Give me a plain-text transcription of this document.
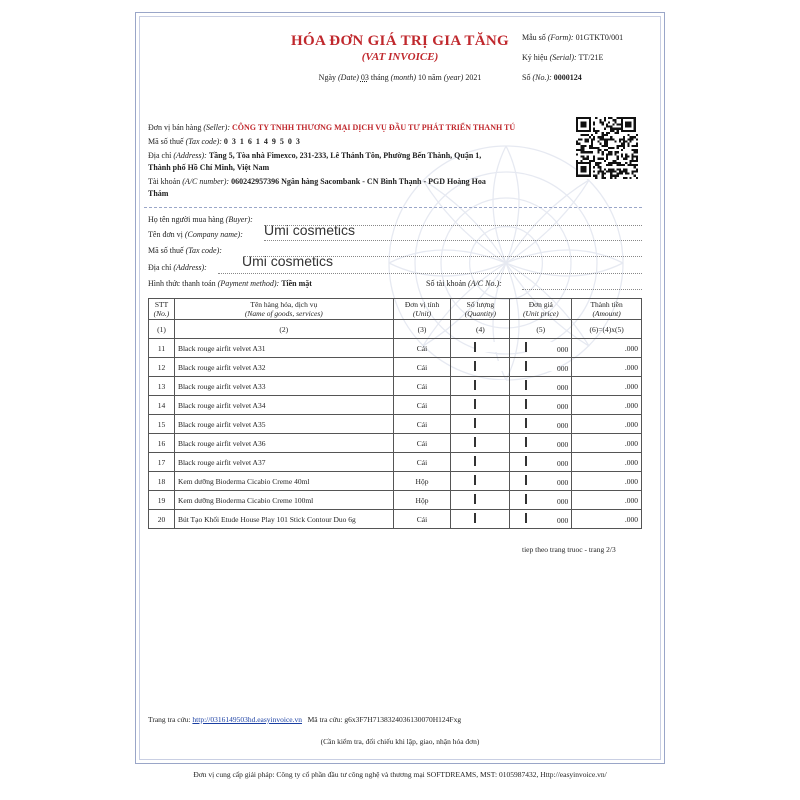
HÓA ĐƠN GIÁ TRỊ GIA TĂNG
(VAT INVOICE)
Ngày (Date) 03 tháng (month) 10 năm (year) 2021
Mẫu số (Form): 01GTKT0/001
Ký hiệu (Serial): TT/21E
Số (No.): 0000124
Đơn vị bán hàng (Seller): CÔNG TY TNHH THƯƠNG MẠI DỊCH VỤ ĐẦU TƯ PHÁT TRIỂN THANH TÚ
Mã số thuế (Tax code): 0 3 1 6 1 4 9 5 0 3
Địa chỉ (Address): Tầng 5, Tòa nhà Fimexco, 231-233, Lê Thánh Tôn, Phường Bến Thành, Quận 1,
Thành phố Hồ Chí Minh, Việt Nam
Tài khoản (A/C number): 060242957396 Ngân hàng Sacombank - CN Bình Thạnh - PGD Hoàng Hoa
Thám
Họ tên người mua hàng (Buyer):
Tên đơn vị (Company name): Umi cosmetics
Mã số thuế (Tax code):
Địa chỉ (Address):	Umi cosmetics
Hình thức thanh toán (Payment method): Tiền mặt	Số tài khoản (A/C No.):
STT
(No.)	Tên hàng hóa, dịch vụ
(Name of goods, services)	Đơn vị tính
(Unit)	Số lượng
(Quantity)	Đơn giá
(Unit price)	Thành tiền
(Amount)
(1)	(2)	(3)	(4)	(5)	(6)=(4)x(5)
11	Black rouge airfit velvet A31	Cái		000	.000
12	Black rouge airfit velvet A32	Cái		000	.000
13	Black rouge airfit velvet A33	Cái		000	.000
14	Black rouge airfit velvet A34	Cái		000	.000
15	Black rouge airfit velvet A35	Cái		000	.000
16	Black rouge airfit velvet A36	Cái		000	.000
17	Black rouge airfit velvet A37	Cái		000	.000
18	Kem dưỡng Bioderma Cicabio Creme 40ml	Hộp		000	.000
19	Kem dưỡng Bioderma Cicabio Creme 100ml	Hộp		000	.000
20	Bút Tạo Khối Etude House Play 101 Stick Contour Duo 6g	Cái		000	.000
tiep theo trang truoc - trang 2/3
Trang tra cứu: http://0316149503hd.easyinvoice.vn Mã tra cứu: g6x3F7H7138324036130070H124Fxg
(Cần kiểm tra, đối chiếu khi lập, giao, nhận hóa đơn)
Đơn vị cung cấp giải pháp: Công ty cổ phần đầu tư công nghệ và thương mại SOFTDREAMS, MST: 0105987432, Http://easyinvoice.vn/
